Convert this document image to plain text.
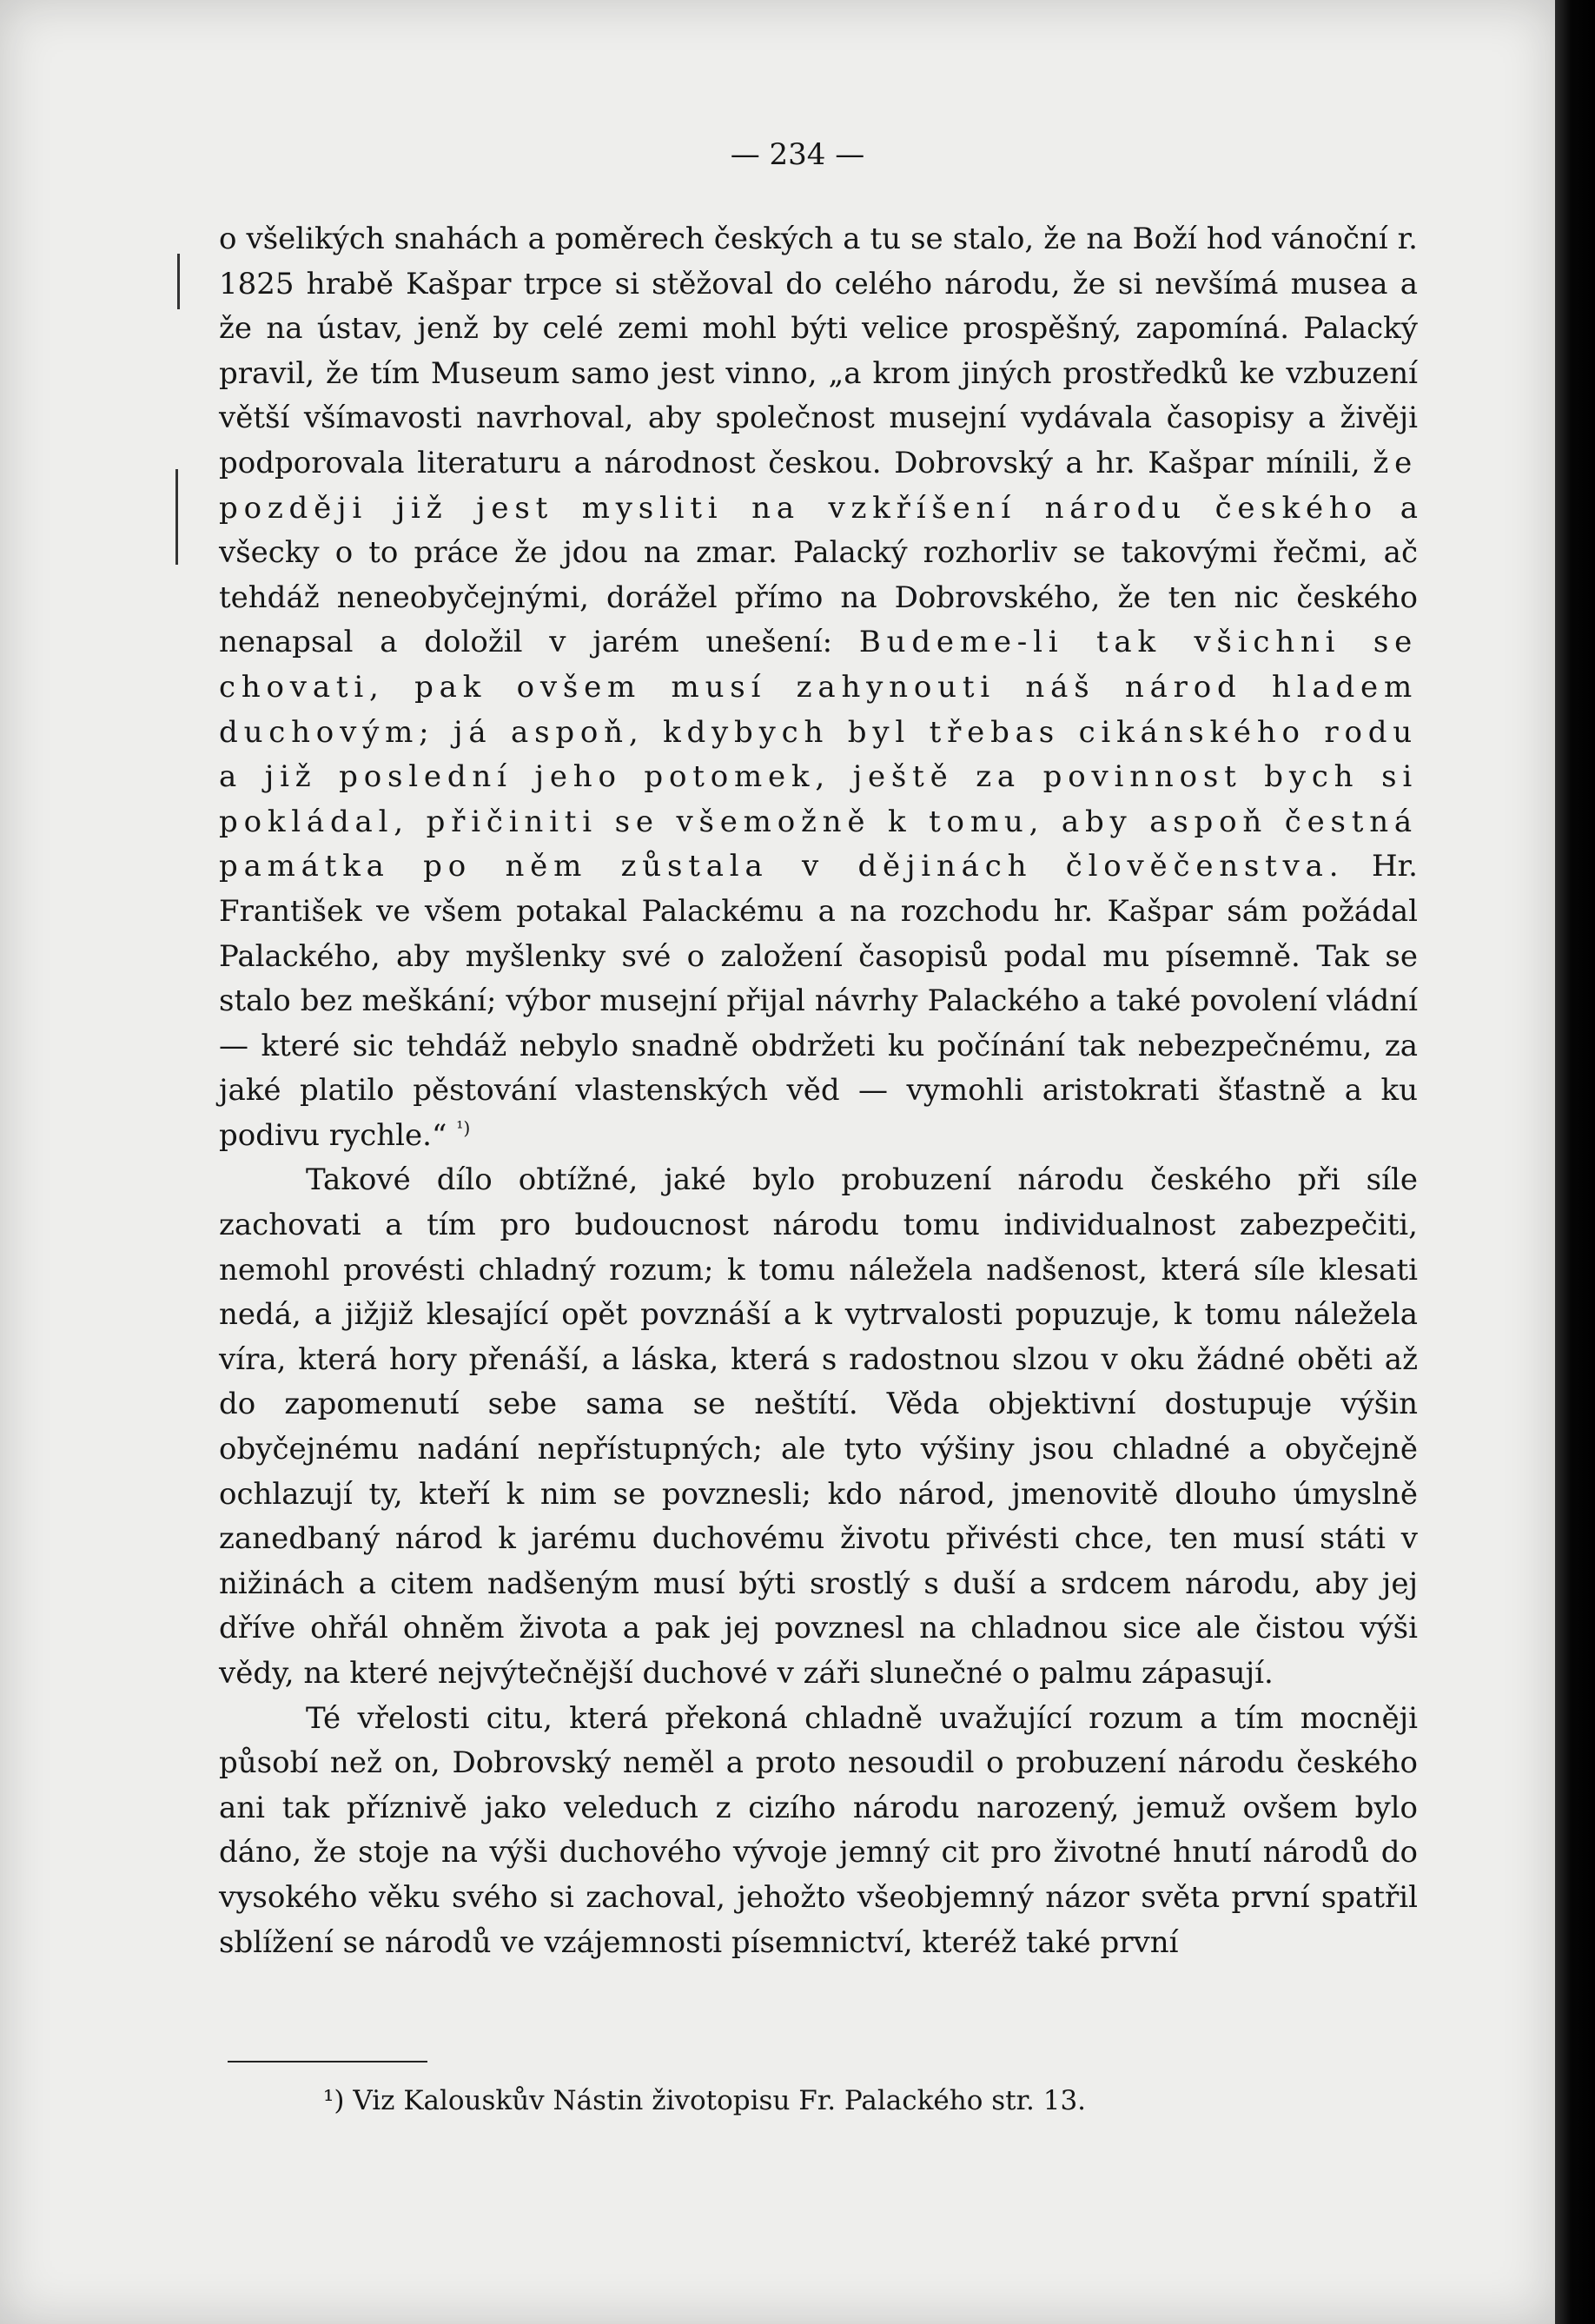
— 234 —

o všelikých snahách a poměrech českých a tu se stalo, že na Boží hod vánoční r. 1825 hrabě Kašpar trpce si stěžoval do celého národu, že si nevšímá musea a že na ústav, jenž by celé zemi mohl býti velice prospěšný, zapomíná. Palacký pravil, že tím Museum samo jest vinno, „a krom jiných prostředků ke vzbuzení větší všímavosti navrhoval, aby společnost musejní vydávala časopisy a živěji podporovala literaturu a národnost českou. Dobrovský a hr. Kašpar mínili, že později již jest mysliti na vzkříšení národu českého a všecky o to práce že jdou na zmar. Palacký rozhorliv se takovými řečmi, ač tehdáž neneobyčejnými, dorážel přímo na Dobrovského, že ten nic českého nenapsal a doložil v jarém unešení: Budeme-li tak všichni se chovati, pak ovšem musí zahynouti náš národ hladem duchovým; já aspoň, kdybych byl třebas cikánského rodu a již poslední jeho potomek, ještě za povinnost bych si pokládal, přičiniti se všemožně k tomu, aby aspoň čestná památka po něm zůstala v dějinách člověčenstva. Hr. František ve všem potakal Palackému a na rozchodu hr. Kašpar sám požádal Palackého, aby myšlenky své o založení časopisů podal mu písemně. Tak se stalo bez meškání; výbor musejní přijal návrhy Palackého a také povolení vládní — které sic tehdáž nebylo snadně obdržeti ku počínání tak nebezpečnému, za jaké platilo pěstování vlastenských věd — vymohli aristokrati šťastně a ku podivu rychle.“ $^{^1)}$

Takové dílo obtížné, jaké bylo probuzení národu českého při síle zachovati a tím pro budoucnost národu tomu individualnost zabezpečiti, nemohl provésti chladný rozum; k tomu náležela nadšenost, která síle klesati nedá, a jižjiž klesající opět povznáší a k vytrvalosti popuzuje, k tomu náležela víra, která hory přenáší, a láska, která s radostnou slzou v oku žádné oběti až do zapomenutí sebe sama se neštítí. Věda objektivní dostupuje výšin obyčejnému nadání nepřístupných; ale tyto výšiny jsou chladné a obyčejně ochlazují ty, kteří k nim se povznesli; kdo národ, jmenovitě dlouho úmyslně zanedbaný národ k jarému duchovému životu přivésti chce, ten musí státi v nižinách a citem nadšeným musí býti srostlý s duší a srdcem národu, aby jej dříve ohřál ohněm života a pak jej povznesl na chladnou sice ale čistou výši vědy, na které nejvýtečnější duchové v záři slunečné o palmu zápasují.

Té vřelosti citu, která překoná chladně uvažující rozum a tím mocněji působí než on, Dobrovský neměl a proto nesoudil o probuzení národu českého ani tak příznivě jako veleduch z cizího národu narozený, jemuž ovšem bylo dáno, že stoje na výši duchového vývoje jemný cit pro životné hnutí národů do vysokého věku svého si zachoval, jehožto všeobjemný názor světa první spatřil sblížení se národů ve vzájemnosti písemnictví, kteréž také první

¹) Viz Kalouskův Nástin životopisu Fr. Palackého str. 13.
